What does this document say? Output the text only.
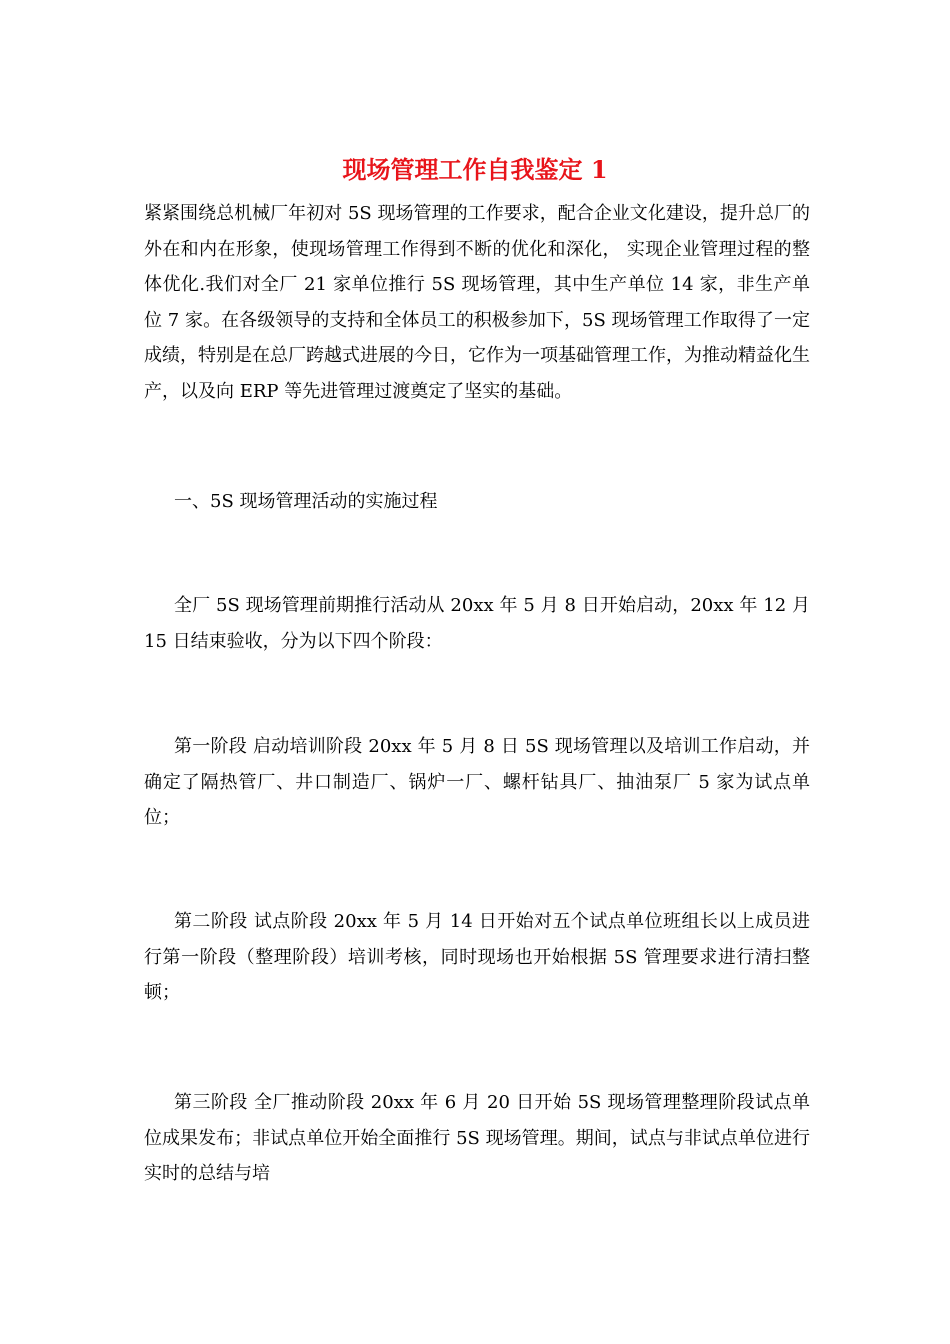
现场管理工作自我鉴定 1

紧紧围绕总机械厂年初对 5S 现场管理的工作要求，配合企业文化建设，提升总厂的外在和内在形象，使现场管理工作得到不断的优化和深化， 实现企业管理过程的整体优化.我们对全厂 21 家单位推行 5S 现场管理，其中生产单位 14 家，非生产单位 7 家。在各级领导的支持和全体员工的积极参加下，5S 现场管理工作取得了一定成绩，特别是在总厂跨越式进展的今日，它作为一项基础管理工作，为推动精益化生产，以及向 ERP 等先进管理过渡奠定了坚实的基础。

一、5S 现场管理活动的实施过程

全厂 5S 现场管理前期推行活动从 20xx 年 5 月 8 日开始启动，20xx 年 12 月 15 日结束验收，分为以下四个阶段：

第一阶段 启动培训阶段 20xx 年 5 月 8 日 5S 现场管理以及培训工作启动，并确定了隔热管厂、井口制造厂、锅炉一厂、螺杆钻具厂、抽油泵厂 5 家为试点单位；

第二阶段 试点阶段 20xx 年 5 月 14 日开始对五个试点单位班组长以上成员进行第一阶段（整理阶段）培训考核，同时现场也开始根据 5S 管理要求进行清扫整顿；

第三阶段 全厂推动阶段 20xx 年 6 月 20 日开始 5S 现场管理整理阶段试点单位成果发布；非试点单位开始全面推行 5S 现场管理。期间，试点与非试点单位进行实时的总结与培
